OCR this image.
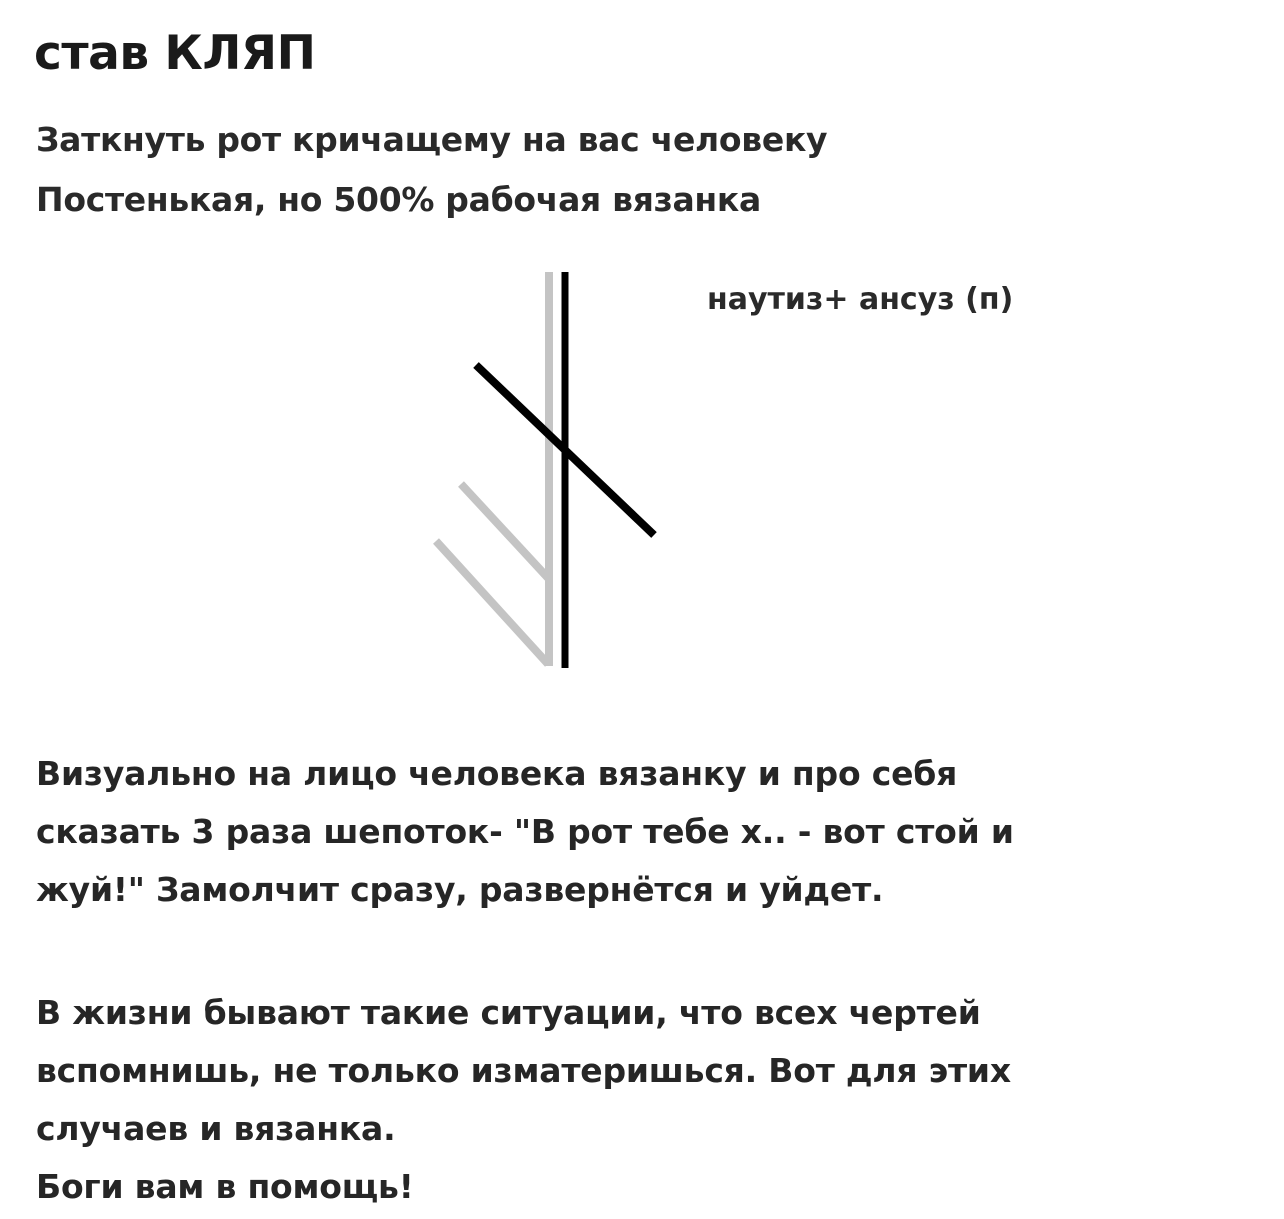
став КЛЯП
Заткнуть рот кричащему на вас человеку
Постенькая, но 500% рабочая вязанка
наутиз+ ансуз (п)
Визуально на лицо человека вязанку и про себя
сказать 3 раза шепоток- "В рот тебе х.. - вот стой и
жуй!" Замолчит сразу, развернётся и уйдет.
В жизни бывают такие ситуации, что всех чертей
вспомнишь, не только изматеришься. Вот для этих
случаев и вязанка.
Боги вам в помощь!
